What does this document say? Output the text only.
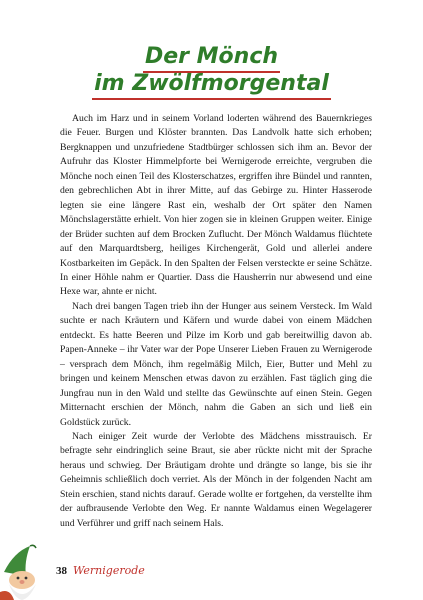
Der Mönch
im Zwölfmorgental

Auch im Harz und in seinem Vorland loderten während des Bauernkrieges die Feuer. Burgen und Klöster brannten. Das Landvolk hatte sich erhoben; Bergknappen und unzufriedene Stadtbürger schlossen sich ihm an. Bevor der Aufruhr das Kloster Himmelpforte bei Wernigerode erreichte, vergruben die Mönche noch einen Teil des Klosterschatzes, ergriffen ihre Bündel und rannten, den gebrechlichen Abt in ihrer Mitte, auf das Gebirge zu. Hinter Hasserode legten sie eine längere Rast ein, weshalb der Ort später den Namen Mönchslagerstätte erhielt. Von hier zogen sie in kleinen Gruppen weiter. Einige der Brüder suchten auf dem Brocken Zuflucht. Der Mönch Waldamus flüchtete auf den Marquardtsberg, heiliges Kirchengerät, Gold und allerlei andere Kostbarkeiten im Gepäck. In den Spalten der Felsen versteckte er seine Schätze. In einer Höhle nahm er Quartier. Dass die Hausherrin nur abwesend und eine Hexe war, ahnte er nicht.

Nach drei bangen Tagen trieb ihn der Hunger aus seinem Versteck. Im Wald suchte er nach Kräutern und Käfern und wurde dabei von einem Mädchen entdeckt. Es hatte Beeren und Pilze im Korb und gab bereitwillig davon ab. Papen-Anneke – ihr Vater war der Pope Unserer Lieben Frauen zu Wernigerode – versprach dem Mönch, ihm regelmäßig Milch, Eier, Butter und Mehl zu bringen und keinem Menschen etwas davon zu erzählen. Fast täglich ging die Jungfrau nun in den Wald und stellte das Gewünschte auf einen Stein. Gegen Mitternacht erschien der Mönch, nahm die Gaben an sich und ließ ein Goldstück zurück.

Nach einiger Zeit wurde der Verlobte des Mädchens misstrauisch. Er befragte sehr eindringlich seine Braut, sie aber rückte nicht mit der Sprache heraus und schwieg. Der Bräutigam drohte und drängte so lange, bis sie ihr Geheimnis schließlich doch verriet. Als der Mönch in der folgenden Nacht am Stein erschien, stand nichts darauf. Gerade wollte er fortgehen, da verstellte ihm der aufbrausende Verlobte den Weg. Er nannte Waldamus einen Wegelagerer und Verführer und griff nach seinem Hals.

38 Wernigerode
